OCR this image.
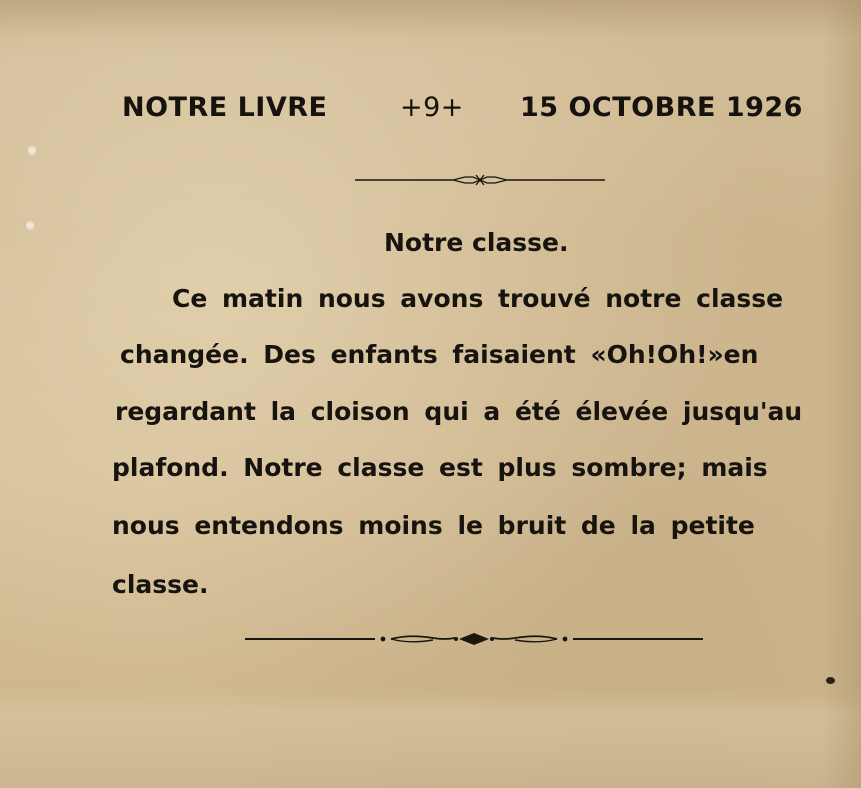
NOTRE LIVRE	+9+ 15 OCTOBRE 1926
Notre classe.
Ce matin nous avons trouvé notre classe
changée. Des enfants faisaient «Oh!Oh!»en
regardant la cloison qui a été élevée jusqu'au
plafond. Notre classe est plus sombre; mais
nous entendons moins le bruit de la petite
classe.
